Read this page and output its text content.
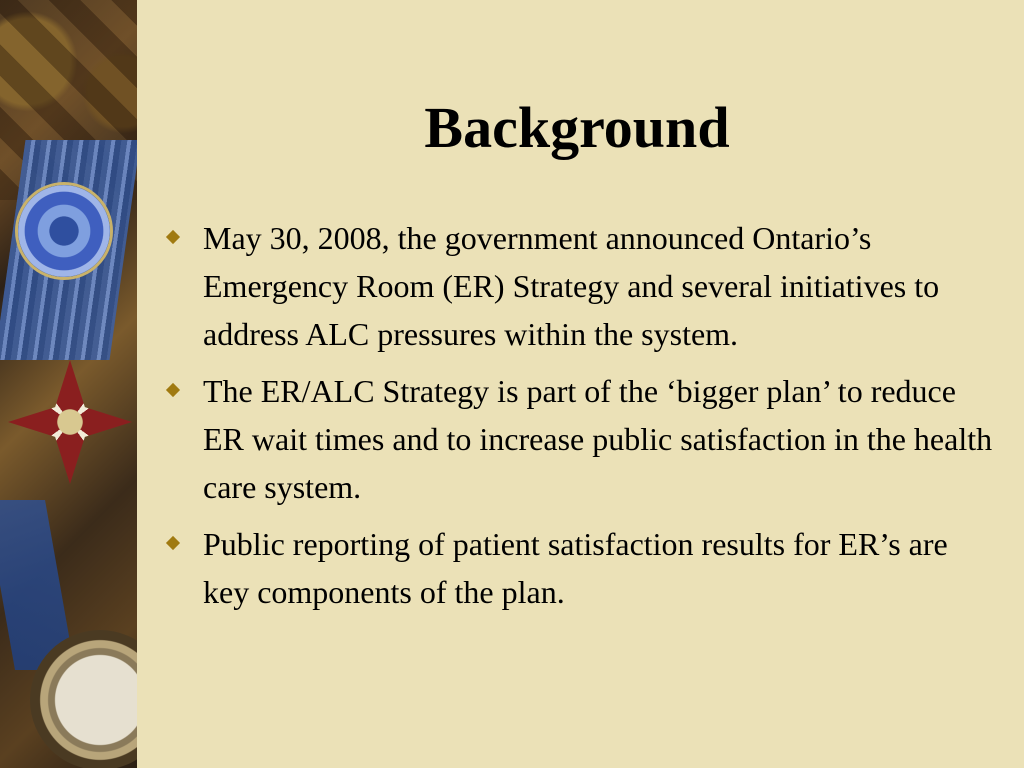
Background
May 30, 2008, the government announced Ontario’s Emergency Room (ER) Strategy and several initiatives to address ALC pressures within the system.
The ER/ALC Strategy is part of the ‘bigger plan’ to reduce ER wait times and to increase public satisfaction in the health care system.
Public reporting of patient satisfaction results for ER’s are key components of the plan.
